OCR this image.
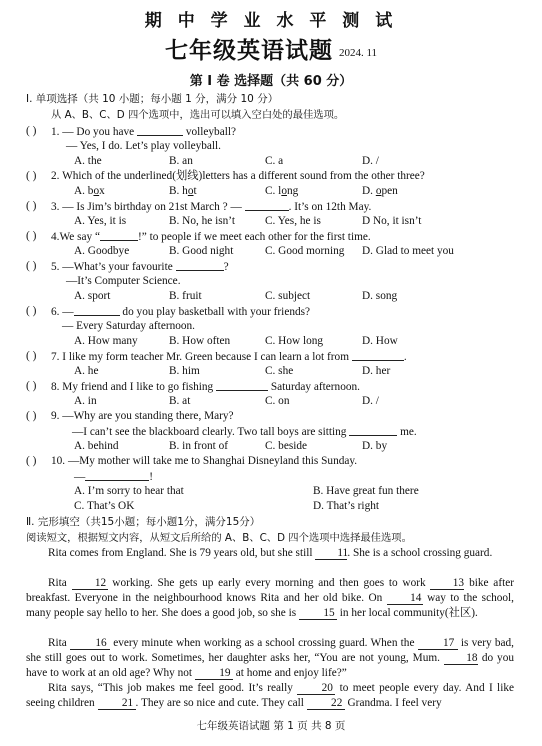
期 中 学 业 水 平 测 试
七年级英语试题 2024. 11
第 I 卷 选择题（共 60 分）
Ⅰ. 单项选择（共 10 小题；每小题 1 分，满分 10 分）
从 A、B、C、D 四个选项中，选出可以填入空白处的最佳选项。
( ) 1. — Do you have	volleyball?
— Yes, I do. Let’s play volleyball.
A. the	B. an	C. a	D. /
( ) 2. Which of the underlined(划线)letters has a different sound from the other three?
A. box	B. hot	C. long	D. open
( ) 3. — Is Jim’s birthday on 21st March ? —	. It’s on 12th May.
A. Yes, it is	B. No, he isn’t	C. Yes, he is	D No, it isn’t
( ) 4.We say “	!” to people if we meet each other for the first time.
A. Goodbye	B. Good night	C. Good morning D. Glad to meet you
( ) 5. —What’s your favourite	?
—It’s Computer Science.
A. sport	B. fruit	C. subject	D. song
( ) 6. —	do you play basketball with your friends?
— Every Saturday afternoon.
A. How many	B. How often	C. How long	D. How
( ) 7. I like my form teacher Mr. Green because I can learn a lot from	.
A. he	B. him	C. she	D. her
( ) 8. My friend and I like to go fishing	Saturday afternoon.
A. in	B. at	C. on	D. /
( ) 9. —Why are you standing there, Mary?
—I can’t see the blackboard clearly. Two tall boys are sitting	me.
A. behind	B. in front of	C. beside	D. by
( ) 10. —My mother will take me to Shanghai Disneyland this Sunday.
—	!
A. I’m sorry to hear that	B. Have great fun there
C. That’s OK	D. That’s right
Ⅱ. 完形填空（共15小题；每小题1分，满分15分）
阅读短文，根据短文内容，从短文后所给的 A、B、C、D 四个选项中选择最佳选项。
Rita comes from England. She is 79 years old, but she still 11. She is a school crossing guard.
Rita 12 working. She gets up early every morning and then goes to work 13 bike after breakfast. Everyone in the neighbourhood knows Rita and her old bike. On 14 way to the school, many people say hello to her. She does a good job, so she is 15 in her local community(社区).
Rita 16 every minute when working as a school crossing guard. When the 17 is very bad, she still goes out to work. Sometimes, her daughter asks her, “You are not young, Mum. 18 do you have to work at an old age? Why not 19 at home and enjoy life?”
Rita says, “This job makes me feel good. It’s really 20 to meet people every day. And I like seeing children 21 . They are so nice and cute. They call 22 Grandma. I feel very
七年级英语试题 第 1 页 共 8 页
